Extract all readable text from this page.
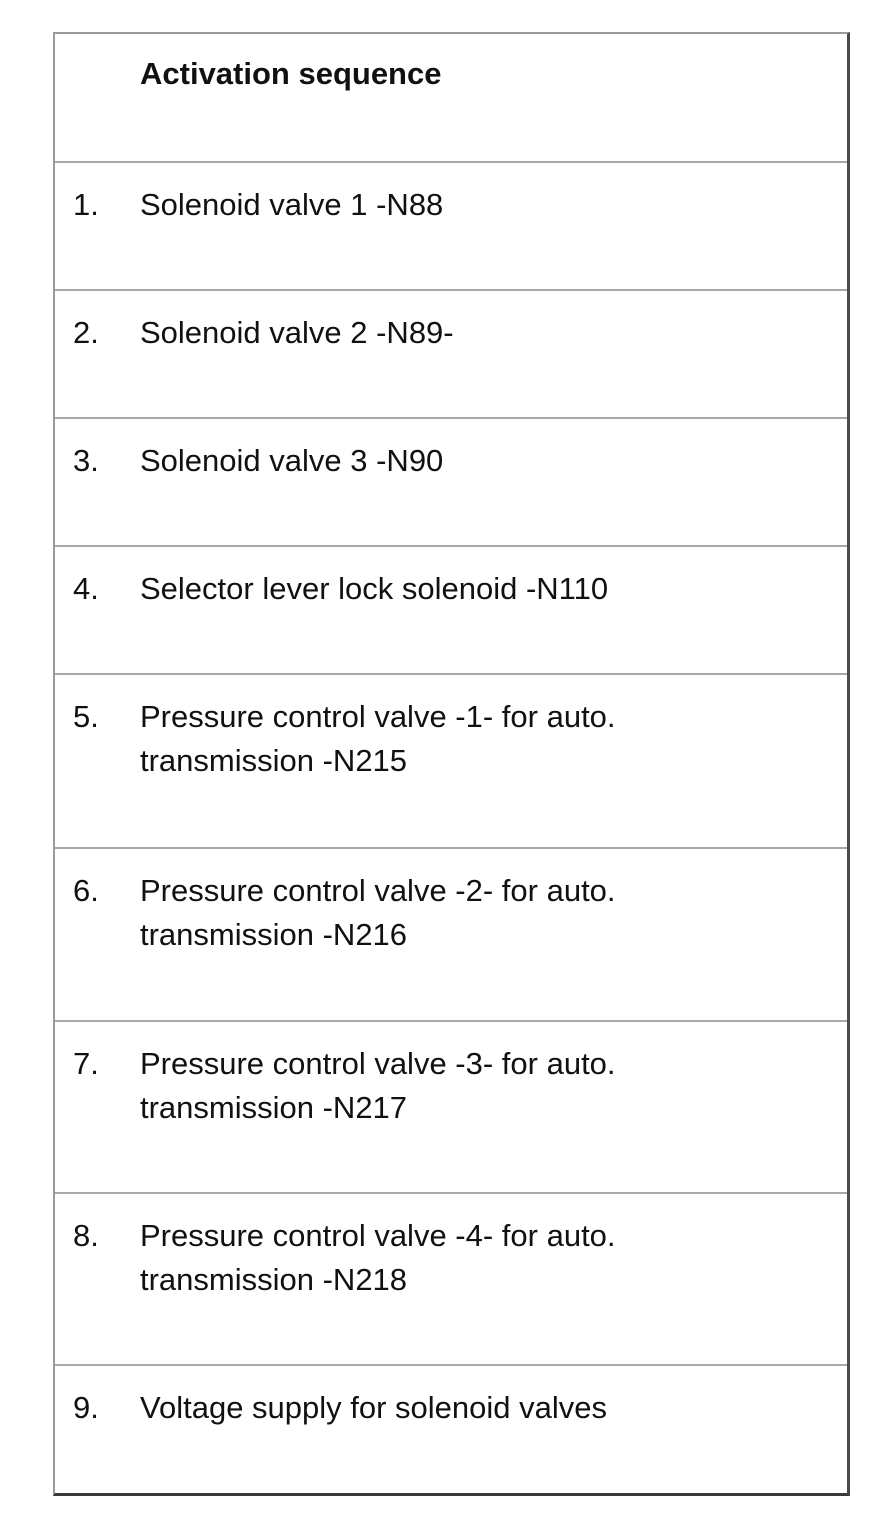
Activation sequence
1. Solenoid valve 1 -N88
2. Solenoid valve 2 -N89-
3. Solenoid valve 3 -N90
4. Selector lever lock solenoid -N110
5. Pressure control valve -1- for auto.
transmission -N215
6. Pressure control valve -2- for auto.
transmission -N216
7. Pressure control valve -3- for auto.
transmission -N217
8. Pressure control valve -4- for auto.
transmission -N218
9. Voltage supply for solenoid valves
